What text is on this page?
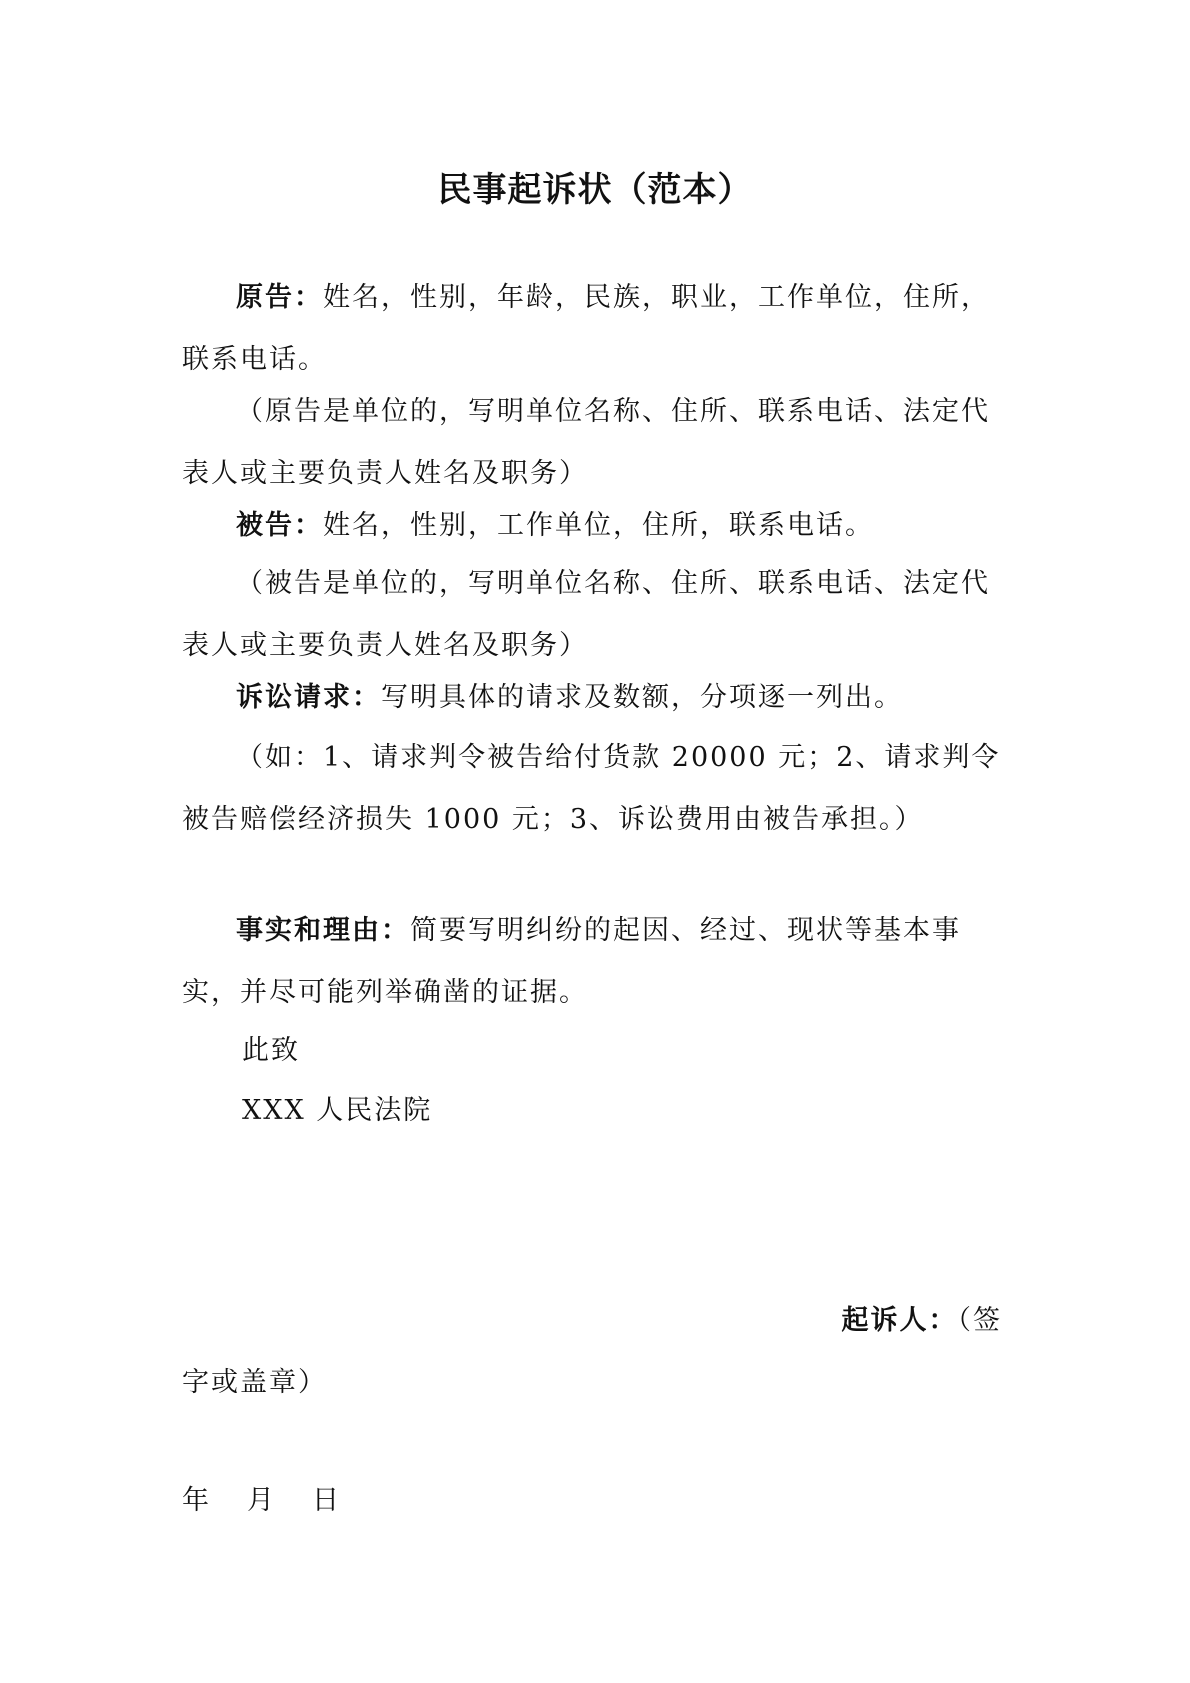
民事起诉状（范本）

原告：姓名，性别，年龄，民族，职业，工作单位，住所，联系电话。

（原告是单位的，写明单位名称、住所、联系电话、法定代表人或主要负责人姓名及职务）

被告：姓名，性别，工作单位，住所，联系电话。

（被告是单位的，写明单位名称、住所、联系电话、法定代表人或主要负责人姓名及职务）

诉讼请求：写明具体的请求及数额，分项逐一列出。

（如：1、请求判令被告给付货款 20000 元；2、请求判令被告赔偿经济损失 1000 元；3、诉讼费用由被告承担。）

事实和理由：简要写明纠纷的起因、经过、现状等基本事实，并尽可能列举确凿的证据。

此致

XXX 人民法院

起诉人：（签

字或盖章）

年 月 日
